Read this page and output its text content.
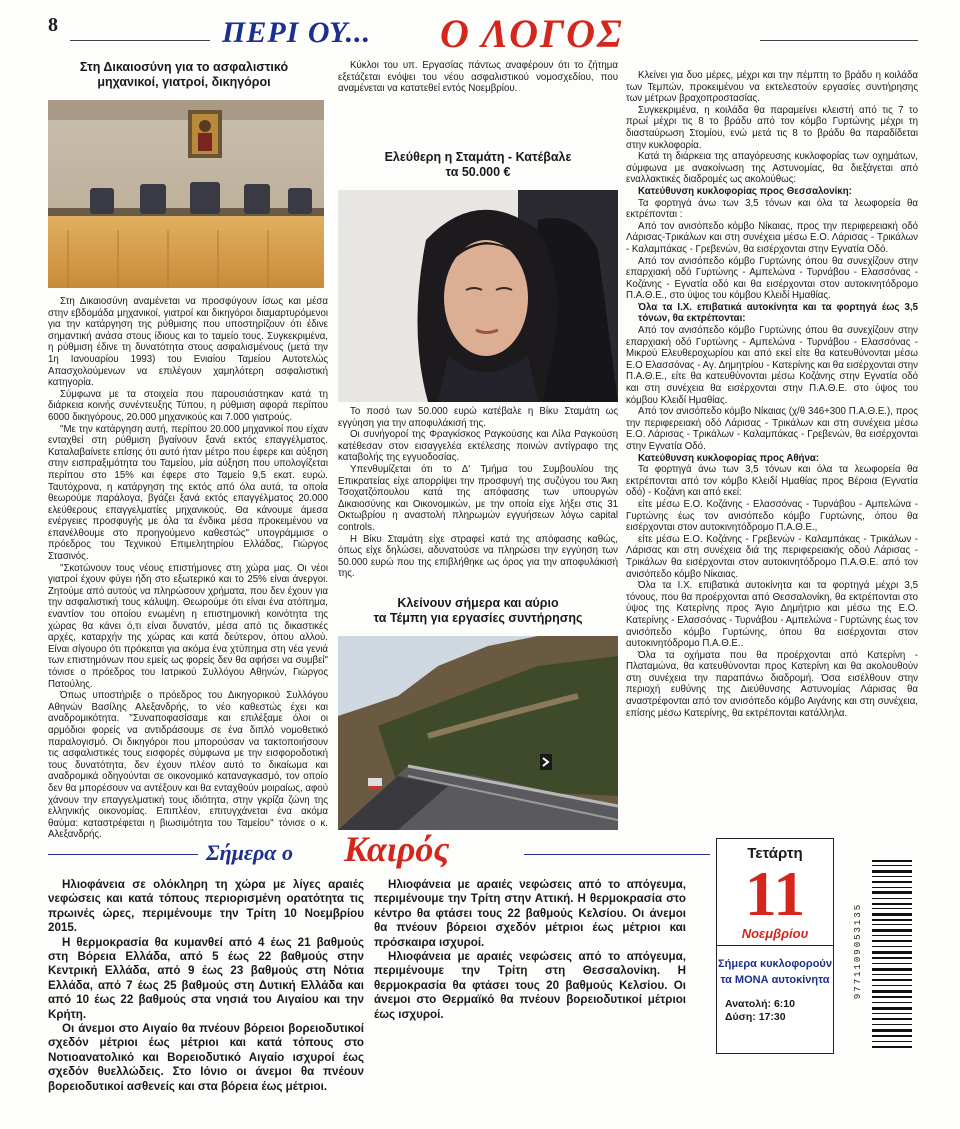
8	ΠΕΡΙ ΟΥ... Ο ΛΟΓΟΣ
Στη Δικαιοσύνη για το ασφαλιστικό
μηχανικοί, γιατροί, δικηγόροι

Στη Δικαιοσύνη αναμένεται να προσφύγουν ίσως και μέσα στην εβδομάδα μηχανικοί, γιατροί και δικηγόροι διαμαρτυρόμενοι για την κατάργηση της ρύθμισης που υποστηρίζουν ότι έδινε σημαντική ανάσα στους ίδιους και το ταμείο τους. Συγκεκριμένα, η ρύθμιση έδινε τη δυνατότητα στους ασφαλισμένους (μετά την 1η Ιανουαρίου 1993) του Ενιαίου Ταμείου Αυτοτελώς Απασχολούμενων να επιλέγουν χαμηλότερη ασφαλιστική κατηγορία.

Σύμφωνα με τα στοιχεία που παρουσιάστηκαν κατά τη διάρκεια κοινής συνέντευξης Τύπου, η ρύθμιση αφορά περίπου 6000 δικηγόρους, 20.000 μηχανικούς και 7.000 γιατρούς.

"Με την κατάργηση αυτή, περίπου 20.000 μηχανικοί που είχαν ενταχθεί στη ρύθμιση βγαίνουν ξανά εκτός επαγγέλματος. Καταλαβαίνετε επίσης ότι αυτό ήταν μέτρο που έφερε και αύξηση στην εισπραξιμότητα του Ταμείου, μία αύξηση που υπολογίζεται περίπου στο 15% και έφερε στο Ταμείο 9,5 εκατ. ευρώ. Ταυτόχρονα, η κατάργηση της εκτός από όλα αυτά, τα οποία θεωρούμε παράλογα, βγάζει ξανά εκτός επαγγέλματος 20.000 ελεύθερους επαγγελματίες μηχανικούς. Θα κάνουμε άμεσα ενέργειες προσφυγής με όλα τα ένδικα μέσα προκειμένου να επανέλθουμε στο προηγούμενο καθεστώς" υπογράμμισε ο πρόεδρος του Τεχνικού Επιμελητηρίου Ελλάδας, Γιώργος Στασινός.

"Σκοτώνουν τους νέους επιστήμονες στη χώρα μας. Οι νέοι γιατροί έχουν φύγει ήδη στο εξωτερικό και το 25% είναι άνεργοι. Ζητούμε από αυτούς να πληρώσουν χρήματα, που δεν έχουν για την ασφαλιστική τους κάλυψη. Θεωρούμε ότι είναι ένα ατόπημα, εναντίον του οποίου ενωμένη η επιστημονική κοινότητα της χώρας θα κάνει ό,τι είναι δυνατόν, μέσα από τις δικαστικές αρχές, καταρχήν της χώρας και κατά δεύτερον, όπου αλλού. Είναι σίγουρο ότι πρόκειται για ακόμα ένα χτύπημα στη νέα γενιά των επιστημόνων που εμείς ως φορείς δεν θα αφήσει να συμβεί" τόνισε ο πρόεδρος του Ιατρικού Συλλόγου Αθηνών, Γιώργος Πατούλης.

Όπως υποστήριξε ο πρόεδρος του Δικηγορικού Συλλόγου Αθηνών Βασίλης Αλεξανδρής, το νέο καθεστώς έχει και αναδρομικότητα. "Συναποφασίσαμε και επιλέξαμε όλοι οι αρμόδιοι φορείς να αντιδράσουμε σε ένα διπλό νομοθετικό παραλογισμό. Οι δικηγόροι που μπορούσαν να τακτοποιήσουν τις ασφαλιστικές τους εισφορές σύμφωνα με την εισφοροδοτική τους δυνατότητα, δεν έχουν πλέον αυτό το δικαίωμα και αναδρομικά οδηγούνται σε οικονομικό καταναγκασμό, τον οποίο δεν θα μπορέσουν να αντέξουν και θα ενταχθούν μοιραίως, αφού χάνουν την επαγγελματική τους ιδιότητα, στην γκρίζα ζώνη της ελληνικής οικονομίας. Επιπλέον, επιτυγχάνεται ένα ακόμα θαύμα: καταστρέφεται η βιωσιμότητα του Ταμείου" τόνισε ο κ. Αλεξανδρής.

Κύκλοι του υπ. Εργασίας πάντως αναφέρουν ότι το ζήτημα εξετάζεται ενόψει του νέου ασφαλιστικού νομοσχεδίου, που αναμένεται να κατατεθεί εντός Νοεμβρίου.

Ελεύθερη η Σταμάτη - Κατέβαλε
τα 50.000 €

Το ποσό των 50.000 ευρώ κατέβαλε η Βίκυ Σταμάτη ως εγγύηση για την αποφυλάκισή της.

Οι συνήγοροί της Φραγκίσκος Ραγκούσης και Λίλα Ραγκούση κατέθεσαν στον εισαγγελέα εκτέλεσης ποινών αντίγραφο της καταβολής της εγγυοδοσίας.

Υπενθυμίζεται ότι το Δ' Τμήμα του Συμβουλίου της Επικρατείας είχε απορρίψει την προσφυγή της συζύγου του Άκη Τσοχατζόπουλου κατά της απόφασης των υπουργών Δικαιοσύνης και Οικονομικών, με την οποία είχε λήξει στις 31 Οκτωβρίου η αναστολή πληρωμών εγγυήσεων λόγω capital controls.

Η Βίκυ Σταμάτη είχε στραφεί κατά της απόφασης καθώς, όπως είχε δηλώσει, αδυνατούσε να πληρώσει την εγγύηση των 50.000 ευρώ που της επιβλήθηκε ως όρος για την αποφυλάκισή της.

Κλείνουν σήμερα και αύριο
τα Τέμπη για εργασίες συντήρησης

Κλείνει για δυο μέρες, μέχρι και την πέμπτη το βράδυ η κοιλάδα των Τεμπών, προκειμένου να εκτελεστούν εργασίες συντήρησης των μέτρων βραχοπροστασίας.

Συγκεκριμένα, η κοιλάδα θα παραμείνει κλειστή από τις 7 το πρωί μέχρι τις 8 το βράδυ από τον κόμβο Γυρτώνης μέχρι τη διασταύρωση Στομίου, ενώ μετά τις 8 το βράδυ θα παραδίδεται στην κυκλοφορία.

Κατά τη διάρκεια της απαγόρευσης κυκλοφορίας των οχημάτων, σύμφωνα με ανακοίνωση της Αστυνομίας, θα διεξάγεται από εναλλακτικές διαδρομές ως ακολούθως:

Κατεύθυνση κυκλοφορίας προς Θεσσαλονίκη:

Τα φορτηγά άνω των 3,5 τόνων και όλα τα λεωφορεία θα εκτρέπονται :

Από τον ανισόπεδο κόμβο Νίκαιας, προς την περιφερειακή οδό Λάρισας-Τρικάλων και στη συνέχεια μέσω Ε.Ο. Λάρισας - Τρικάλων - Καλαμπάκας - Γρεβενών, θα εισέρχονται στην Εγνατία Οδό.

Από τον ανισόπεδο κόμβο Γυρτώνης όπου θα συνεχίζουν στην επαρχιακή οδό Γυρτώνης - Αμπελώνα - Τυρνάβου - Ελασσόνας - Κοζάνης - Εγνατία οδό και θα εισέρχονται στον αυτοκινητόδρομο Π.Α.Θ.Ε., στο ύψος του κόμβου Κλειδί Ημαθίας.

Όλα τα Ι.Χ. επιβατικά αυτοκίνητα και τα φορτηγά έως 3,5 τόνων, θα εκτρέπονται:

Από τον ανισόπεδο κόμβο Γυρτώνης όπου θα συνεχίζουν στην επαρχιακή οδό Γυρτώνης - Αμπελώνα - Τυρνάβου - Ελασσόνας - Μικρού Ελευθεροχωρίου και από εκεί είτε θα κατευθύνονται μέσω Ε.Ο Ελασσόνας - Αγ. Δημητρίου - Κατερίνης και θα εισέρχονται στην Π.Α.Θ.Ε., είτε θα κατευθύνονται μέσω Κοζάνης στην Εγνατία οδό και στη συνέχεια θα εισέρχονται στην Π.Α.Θ.Ε. στο ύψος του κόμβου Κλειδί Ημαθίας.

Από τον ανισόπεδο κόμβο Νίκαιας (χ/θ 346+300 Π.Α.Θ.Ε.), προς την περιφερειακή οδό Λάρισας - Τρικάλων και στη συνέχεια μέσω Ε.Ο. Λάρισας - Τρικάλων - Καλαμπάκας - Γρεβενών, θα εισέρχονται στην Εγνατία Οδό.

Κατεύθυνση κυκλοφορίας προς Αθήνα:

Τα φορτηγά άνω των 3,5 τόνων και όλα τα λεωφορεία θα εκτρέπονται από τον κόμβο Κλειδί Ημαθίας προς Βέροια (Εγνατία οδό) - Κοζάνη και από εκεί:

είτε μέσω Ε.Ο. Κοζάνης - Ελασσόνας - Τυρνάβου - Αμπελώνα - Γυρτώνης έως τον ανισόπεδο κόμβο Γυρτώνης, όπου θα εισέρχονται στον αυτοκινητόδρομο Π.Α.Θ.Ε.,

είτε μέσω Ε.Ο. Κοζάνης - Γρεβενών - Καλαμπάκας - Τρικάλων - Λάρισας και στη συνέχεια διά της περιφερειακής οδού Λάρισας - Τρικάλων θα εισέρχονται στον αυτοκινητόδρομο Π.Α.Θ.Ε. από τον ανισόπεδο κόμβο Νίκαιας.

Όλα τα Ι.Χ. επιβατικά αυτοκίνητα και τα φορτηγά μέχρι 3,5 τόνους, που θα προέρχονται από Θεσσαλονίκη, θα εκτρέπονται στο ύψος της Κατερίνης προς Άγιο Δημήτριο και μέσω της Ε.Ο. Κατερίνης - Ελασσόνας - Τυρνάβου - Αμπελώνα - Γυρτώνης έως τον ανισόπεδο κόμβο Γυρτώνης, όπου θα εισέρχονται στον αυτοκινητόδρομο Π.Α.Θ.Ε..

Όλα τα οχήματα που θα προέρχονται από Κατερίνη - Πλαταμώνα, θα κατευθύνονται προς Κατερίνη και θα ακολουθούν στη συνέχεια την παραπάνω διαδρομή. Όσα εισέλθουν στην περιοχή ευθύνης της Διεύθυνσης Αστυνομίας Λάρισας θα αναστρέφονται από τον ανισόπεδο κόμβο Αιγάνης και στη συνέχεια, επίσης μέσω Κατερίνης, θα εκτρέπονται κατάλληλα.

Σήμερα ο Καιρός

Ηλιοφάνεια σε ολόκληρη τη χώρα με λίγες αραιές νεφώσεις και κατά τόπους περιορισμένη ορατότητα τις πρωινές ώρες, περιμένουμε την Τρίτη 10 Νοεμβρίου 2015.

Η θερμοκρασία θα κυμανθεί από 4 έως 21 βαθμούς στη Βόρεια Ελλάδα, από 5 έως 22 βαθμούς στην Κεντρική Ελλάδα, από 9 έως 23 βαθμούς στη Νότια Ελλάδα, από 7 έως 25 βαθμούς στη Δυτική Ελλάδα και από 10 έως 22 βαθμούς στα νησιά του Αιγαίου και την Κρήτη.

Οι άνεμοι στο Αιγαίο θα πνέουν βόρειοι βορειοδυτικοί σχεδόν μέτριοι έως μέτριοι και κατά τόπους στο Νοτιοανατολικό και Βορειοδυτικό Αιγαίο ισχυροί έως σχεδόν θυελλώδεις. Στο Ιόνιο οι άνεμοι θα πνέουν βορειοδυτικοί ασθενείς και στα βόρεια έως μέτριοι.

Ηλιοφάνεια με αραιές νεφώσεις από το απόγευμα, περιμένουμε την Τρίτη στην Αττική. Η θερμοκρασία στο κέντρο θα φτάσει τους 22 βαθμούς Κελσίου. Οι άνεμοι θα πνέουν βόρειοι σχεδόν μέτριοι έως μέτριοι και πρόσκαιρα ισχυροί.

Ηλιοφάνεια με αραιές νεφώσεις από το απόγευμα, περιμένουμε την Τρίτη στη Θεσσαλονίκη. Η θερμοκρασία θα φτάσει τους 20 βαθμούς Κελσίου. Οι άνεμοι στο Θερμαϊκό θα πνέουν βορειοδυτικοί μέτριοι έως ισχυροί.

Τετάρτη
11
Νοεμβρίου
Σήμερα κυκλοφορούν
τα ΜΟΝΑ αυτοκίνητα
Ανατολή: 6:10
Δύση: 17:30
9771109053135
